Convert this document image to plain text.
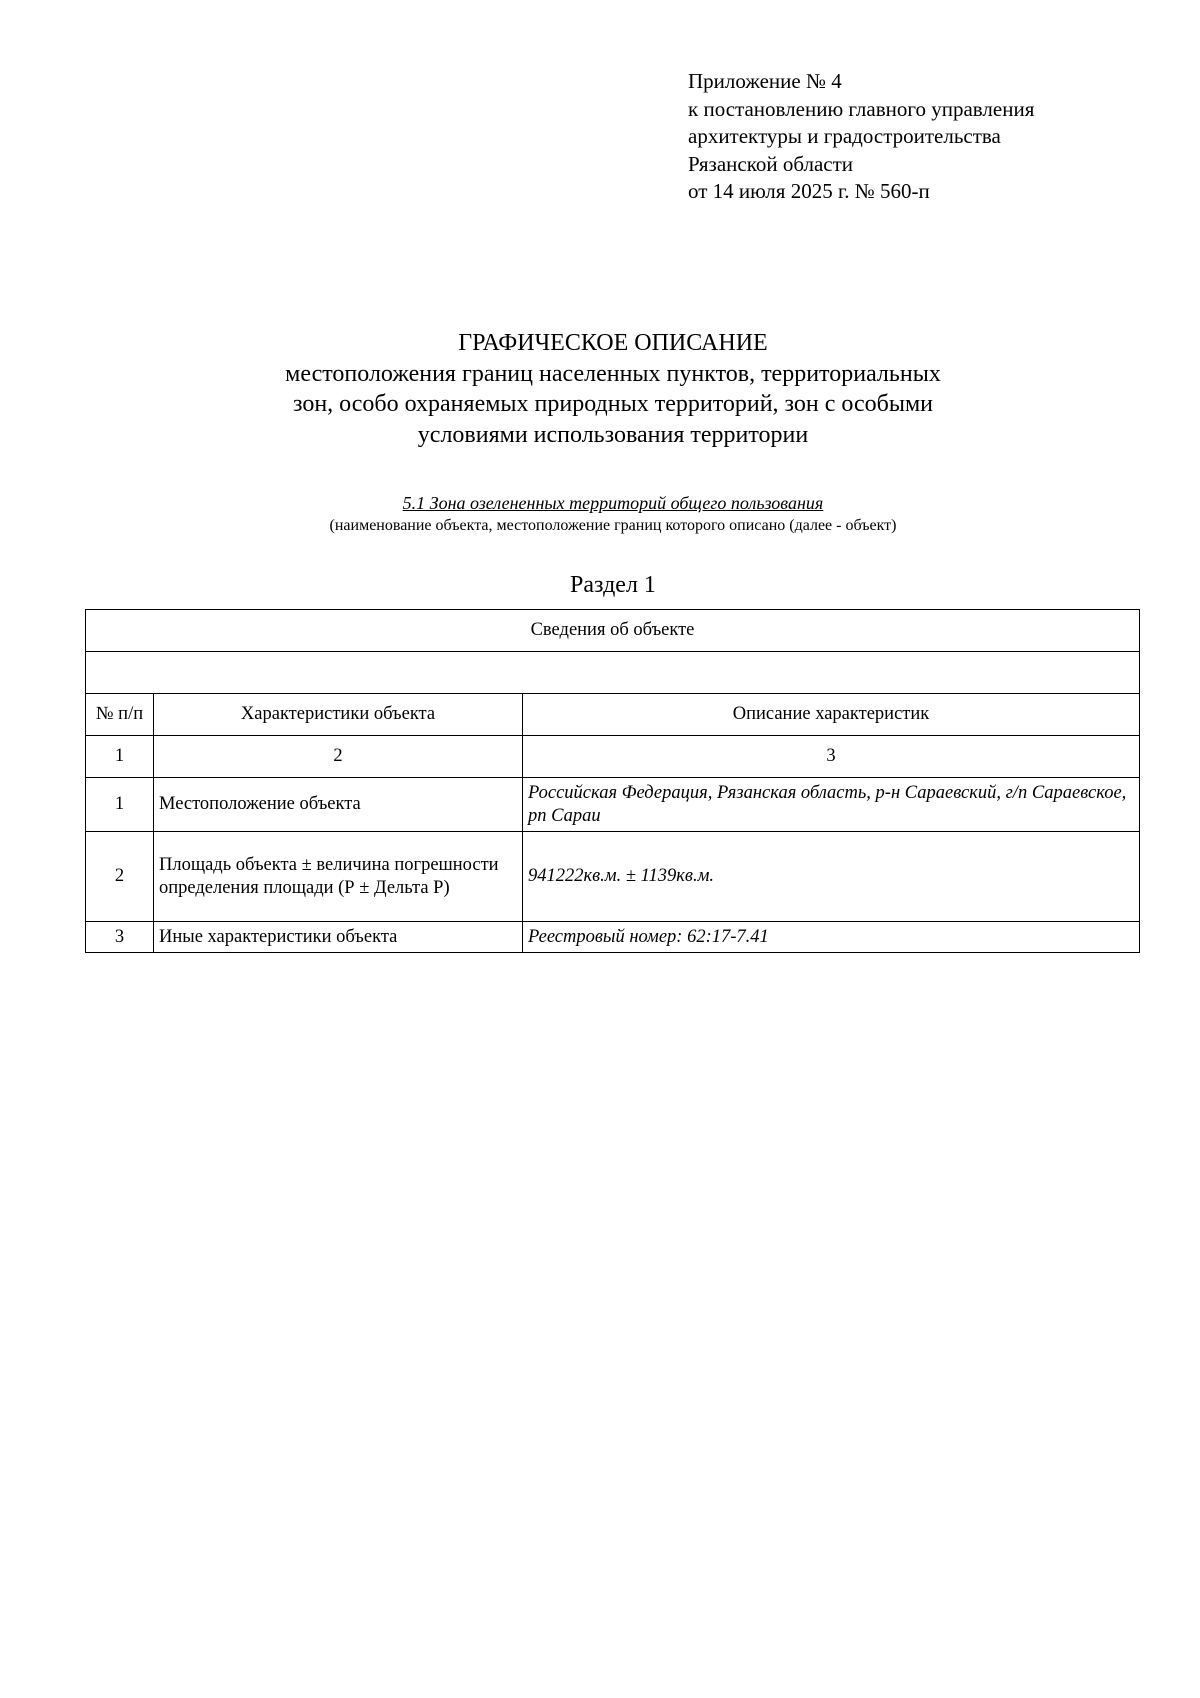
Приложение № 4
к постановлению главного управления
архитектуры и градостроительства
Рязанской области
от 14 июля 2025 г. № 560-п
ГРАФИЧЕСКОЕ ОПИСАНИЕ
местоположения границ населенных пунктов, территориальных
зон, особо охраняемых природных территорий, зон с особыми
условиями использования территории
5.1 Зона озелененных территорий общего пользования
(наименование объекта, местоположение границ которого описано (далее - объект)
Раздел 1
Сведения об объекте		

№ п/п	Характеристики объекта	Описание характеристик
1	2	3
1	Местоположение объекта	Российская Федерация, Рязанская область, р-н Сараевский, г/п Сараевское, рп Сараи
2	Площадь объекта ± величина погрешности определения площади (Р ± Дельта Р)	941222кв.м. ± 1139кв.м.
3	Иные характеристики объекта	Реестровый номер: 62:17-7.41
